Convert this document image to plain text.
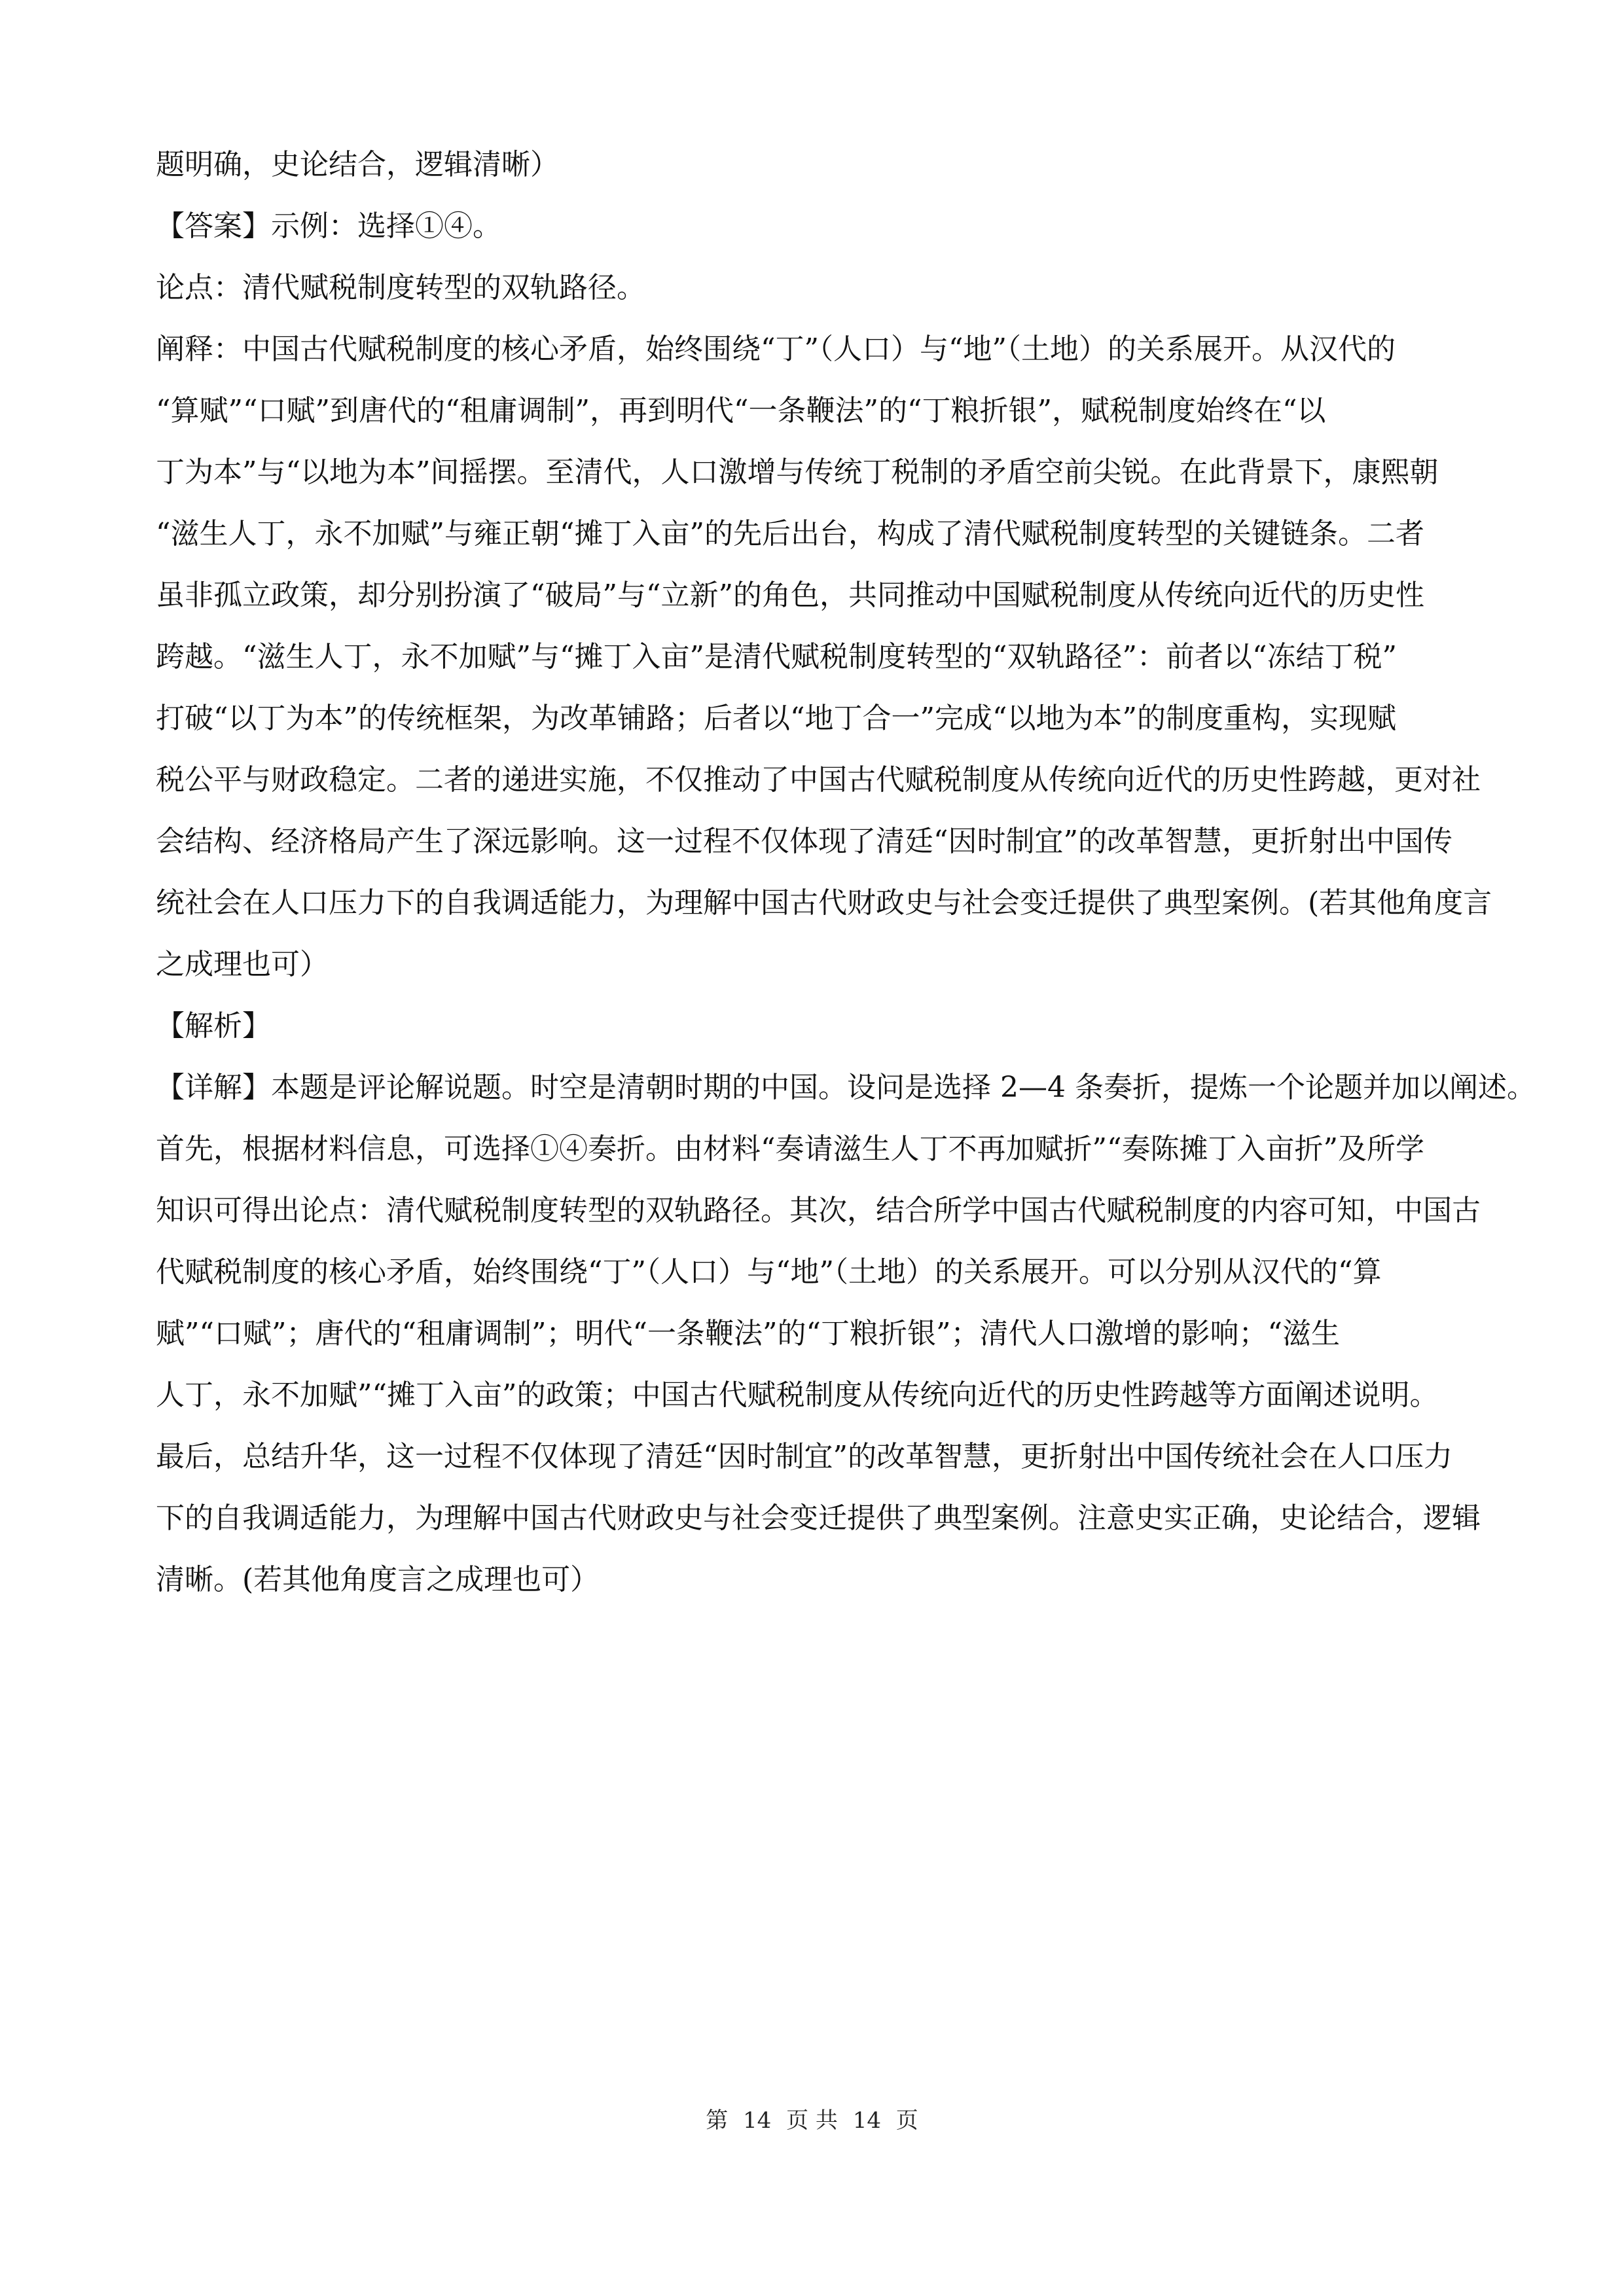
题明确，史论结合，逻辑清晰）

【答案】示例：选择①④。

论点：清代赋税制度转型的双轨路径。

阐释：中国古代赋税制度的核心矛盾，始终围绕“丁”（人口）与“地”（土地）的关系展开。从汉代的
“算赋”“口赋”到唐代的“租庸调制”，再到明代“一条鞭法”的“丁粮折银”，赋税制度始终在“以
丁为本”与“以地为本”间摇摆。至清代，人口激增与传统丁税制的矛盾空前尖锐。在此背景下，康熙朝
“滋生人丁，永不加赋”与雍正朝“摊丁入亩”的先后出台，构成了清代赋税制度转型的关键链条。二者
虽非孤立政策，却分别扮演了“破局”与“立新”的角色，共同推动中国赋税制度从传统向近代的历史性
跨越。“滋生人丁，永不加赋”与“摊丁入亩”是清代赋税制度转型的“双轨路径”：前者以“冻结丁税”
打破“以丁为本”的传统框架，为改革铺路；后者以“地丁合一”完成“以地为本”的制度重构，实现赋
税公平与财政稳定。二者的递进实施，不仅推动了中国古代赋税制度从传统向近代的历史性跨越，更对社
会结构、经济格局产生了深远影响。这一过程不仅体现了清廷“因时制宜”的改革智慧，更折射出中国传
统社会在人口压力下的自我调适能力，为理解中国古代财政史与社会变迁提供了典型案例。(若其他角度言
之成理也可）

【解析】

【详解】本题是评论解说题。时空是清朝时期的中国。设问是选择 2—4 条奏折，提炼一个论题并加以阐述。
首先，根据材料信息，可选择①④奏折。由材料“奏请滋生人丁不再加赋折”“奏陈摊丁入亩折”及所学
知识可得出论点：清代赋税制度转型的双轨路径。其次，结合所学中国古代赋税制度的内容可知，中国古
代赋税制度的核心矛盾，始终围绕“丁”（人口）与“地”（土地）的关系展开。可以分别从汉代的“算
赋”“口赋”；唐代的“租庸调制”；明代“一条鞭法”的“丁粮折银”；清代人口激增的影响；“滋生
人丁，永不加赋”“摊丁入亩”的政策；中国古代赋税制度从传统向近代的历史性跨越等方面阐述说明。
最后，总结升华，这一过程不仅体现了清廷“因时制宜”的改革智慧，更折射出中国传统社会在人口压力
下的自我调适能力，为理解中国古代财政史与社会变迁提供了典型案例。注意史实正确，史论结合，逻辑
清晰。(若其他角度言之成理也可）
第 14 页 共 14 页
